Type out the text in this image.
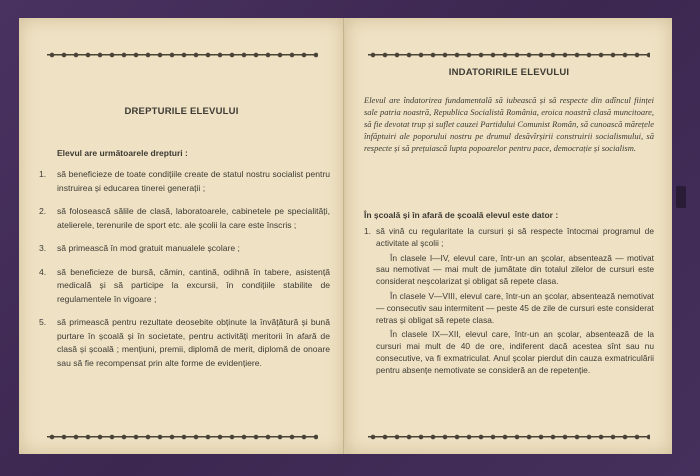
DREPTURILE ELEVULUI
Elevul are următoarele drepturi :
1. să beneficieze de toate condițiile create de statul nostru socialist pentru instruirea și educarea tinerei generații ;
2. să folosească sălile de clasă, laboratoarele, cabinetele pe specialități, atelierele, terenurile de sport etc. ale școlii la care este înscris ;
3. să primească în mod gratuit manualele școlare ;
4. să beneficieze de bursă, cămin, cantină, odihnă în tabere, asistență medicală și să participe la excursii, în condițiile stabilite de regulamentele în vigoare ;
5. să primească pentru rezultate deosebite obținute la învățătură și bună purtare în școală și în societate, pentru activități meritorii în afară de clasă și școală ; mențiuni, premii, diplomă de merit, diplomă de onoare sau să fie recompensat prin alte forme de evidențiere.
INDATORIRILE ELEVULUI
Elevul are îndatorirea fundamentală să iubească și să respecte din adîncul ființei sale patria noastră, Republica Socialistă România, eroica noastră clasă muncitoare, să fie devotat trup și suflet cauzei Partidului Comunist Român, să cunoască mărețele înfăptuiri ale poporului nostru pe drumul desăvîrșirii construirii socialismului, să respecte și să prețuiască lupta popoarelor pentru pace, democrație și socialism.
În școală și în afară de școală elevul este dator :
1. să vină cu regularitate la cursuri și să respecte întocmai programul de activitate al școlii ;

În clasele I—IV, elevul care, într-un an școlar, absentează — motivat sau nemotivat — mai mult de jumătate din totalul zilelor de cursuri este considerat neșcolarizat și obligat să repete clasa.

În clasele V—VIII, elevul care, într-un an școlar, absentează nemotivat — consecutiv sau intermitent — peste 45 de zile de cursuri este considerat retras și obligat să repete clasa.

În clasele IX—XII, elevul care, într-un an școlar, absentează de la cursuri mai mult de 40 de ore, indiferent dacă acestea sînt sau nu consecutive, va fi exmatriculat. Anul școlar pierdut din cauza exmatriculării pentru absențe nemotivate se consideră an de repetenție.
